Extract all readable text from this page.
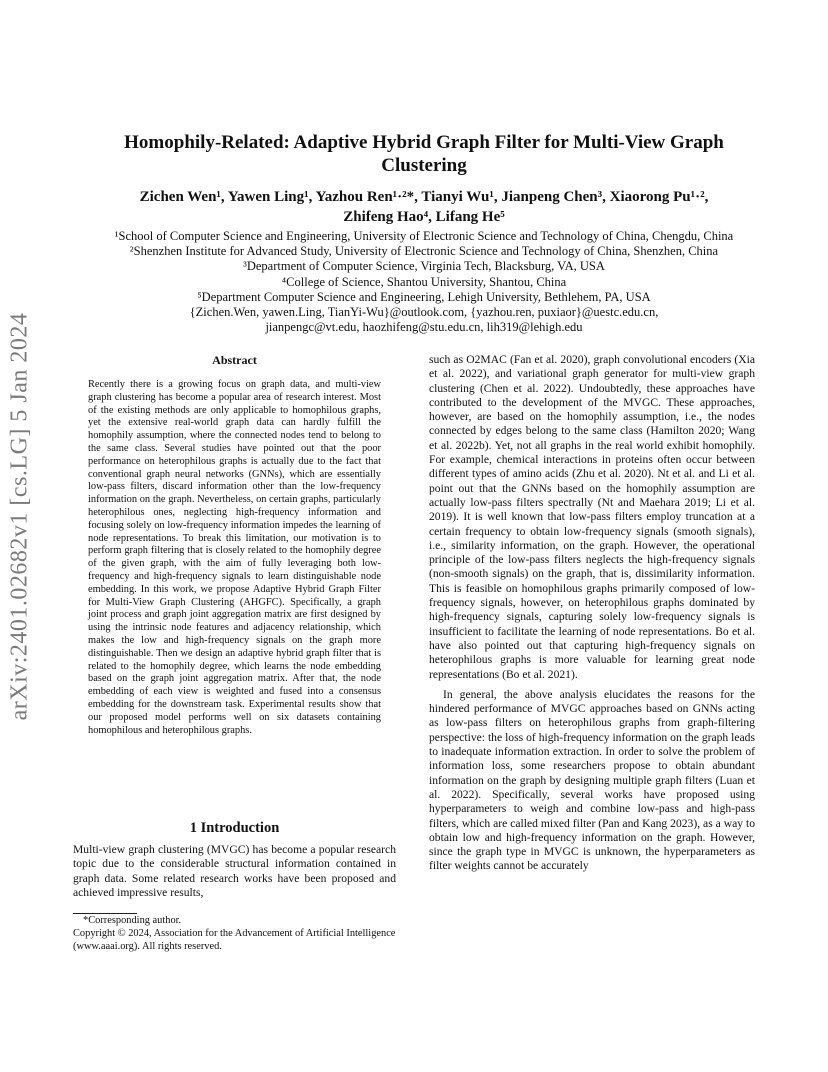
arXiv:2401.02682v1 [cs.LG] 5 Jan 2024
Homophily-Related: Adaptive Hybrid Graph Filter for Multi-View Graph Clustering
Zichen Wen¹, Yawen Ling¹, Yazhou Ren¹·²*, Tianyi Wu¹, Jianpeng Chen³, Xiaorong Pu¹·²,
Zhifeng Hao⁴, Lifang He⁵
¹School of Computer Science and Engineering, University of Electronic Science and Technology of China, Chengdu, China
²Shenzhen Institute for Advanced Study, University of Electronic Science and Technology of China, Shenzhen, China
³Department of Computer Science, Virginia Tech, Blacksburg, VA, USA
⁴College of Science, Shantou University, Shantou, China
⁵Department Computer Science and Engineering, Lehigh University, Bethlehem, PA, USA
{Zichen.Wen, yawen.Ling, TianYi-Wu}@outlook.com, {yazhou.ren, puxiaor}@uestc.edu.cn,
jianpengc@vt.edu, haozhifeng@stu.edu.cn, lih319@lehigh.edu
Abstract
Recently there is a growing focus on graph data, and multi-view graph clustering has become a popular area of research interest. Most of the existing methods are only applicable to homophilous graphs, yet the extensive real-world graph data can hardly fulfill the homophily assumption, where the connected nodes tend to belong to the same class. Several studies have pointed out that the poor performance on heterophilous graphs is actually due to the fact that conventional graph neural networks (GNNs), which are essentially low-pass filters, discard information other than the low-frequency information on the graph. Nevertheless, on certain graphs, particularly heterophilous ones, neglecting high-frequency information and focusing solely on low-frequency information impedes the learning of node representations. To break this limitation, our motivation is to perform graph filtering that is closely related to the homophily degree of the given graph, with the aim of fully leveraging both low-frequency and high-frequency signals to learn distinguishable node embedding. In this work, we propose Adaptive Hybrid Graph Filter for Multi-View Graph Clustering (AHGFC). Specifically, a graph joint process and graph joint aggregation matrix are first designed by using the intrinsic node features and adjacency relationship, which makes the low and high-frequency signals on the graph more distinguishable. Then we design an adaptive hybrid graph filter that is related to the homophily degree, which learns the node embedding based on the graph joint aggregation matrix. After that, the node embedding of each view is weighted and fused into a consensus embedding for the downstream task. Experimental results show that our proposed model performs well on six datasets containing homophilous and heterophilous graphs.
1 Introduction
Multi-view graph clustering (MVGC) has become a popular research topic due to the considerable structural information contained in graph data. Some related research works have been proposed and achieved impressive results,
*Corresponding author.
Copyright © 2024, Association for the Advancement of Artificial Intelligence (www.aaai.org). All rights reserved.

such as O2MAC (Fan et al. 2020), graph convolutional encoders (Xia et al. 2022), and variational graph generator for multi-view graph clustering (Chen et al. 2022). Undoubtedly, these approaches have contributed to the development of the MVGC. These approaches, however, are based on the homophily assumption, i.e., the nodes connected by edges belong to the same class (Hamilton 2020; Wang et al. 2022b). Yet, not all graphs in the real world exhibit homophily. For example, chemical interactions in proteins often occur between different types of amino acids (Zhu et al. 2020). Nt et al. and Li et al. point out that the GNNs based on the homophily assumption are actually low-pass filters spectrally (Nt and Maehara 2019; Li et al. 2019). It is well known that low-pass filters employ truncation at a certain frequency to obtain low-frequency signals (smooth signals), i.e., similarity information, on the graph. However, the operational principle of the low-pass filters neglects the high-frequency signals (non-smooth signals) on the graph, that is, dissimilarity information. This is feasible on homophilous graphs primarily composed of low-frequency signals, however, on heterophilous graphs dominated by high-frequency signals, capturing solely low-frequency signals is insufficient to facilitate the learning of node representations. Bo et al. have also pointed out that capturing high-frequency signals on heterophilous graphs is more valuable for learning great node representations (Bo et al. 2021).

In general, the above analysis elucidates the reasons for the hindered performance of MVGC approaches based on GNNs acting as low-pass filters on heterophilous graphs from graph-filtering perspective: the loss of high-frequency information on the graph leads to inadequate information extraction. In order to solve the problem of information loss, some researchers propose to obtain abundant information on the graph by designing multiple graph filters (Luan et al. 2022). Specifically, several works have proposed using hyperparameters to weigh and combine low-pass and high-pass filters, which are called mixed filter (Pan and Kang 2023), as a way to obtain low and high-frequency information on the graph. However, since the graph type in MVGC is unknown, the hyperparameters as filter weights cannot be accurately
